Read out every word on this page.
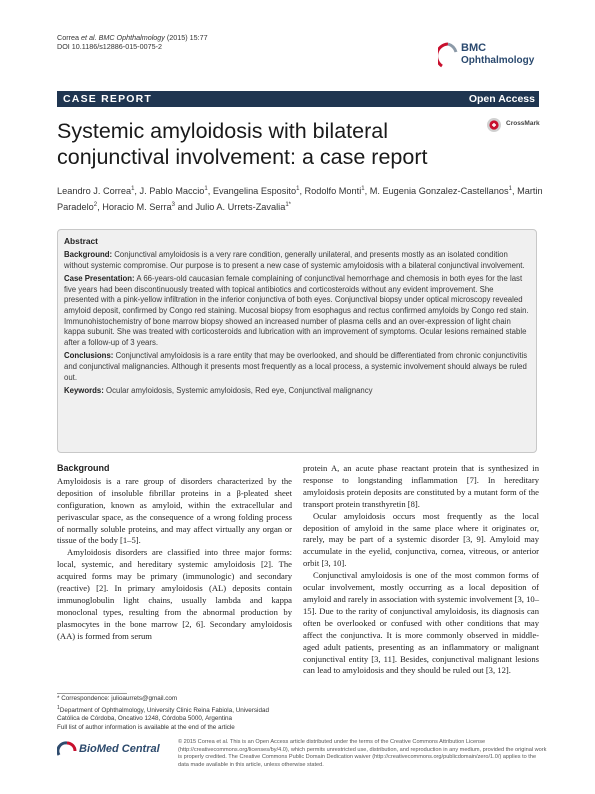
Correa et al. BMC Ophthalmology (2015) 15:77
DOI 10.1186/s12886-015-0075-2	BMC
Ophthalmology
CASE REPORT	Open Access
Systemic amyloidosis with bilateral conjunctival involvement: a case report
CrossMark
Leandro J. Correa$^1$, J. Pablo Maccio$^1$, Evangelina Esposito$^1$, Rodolfo Monti$^1$, M. Eugenia Gonzalez-Castellanos$^1$, Martin Paradelo$^2$, Horacio M. Serra$^3$ and Julio A. Urrets-Zavalia$^{1*}$
Abstract

Background: Conjunctival amyloidosis is a very rare condition, generally unilateral, and presents mostly as an isolated condition without systemic compromise. Our purpose is to present a new case of systemic amyloidosis with a bilateral conjunctival involvement.

Case Presentation: A 66-years-old caucasian female complaining of conjunctival hemorrhage and chemosis in both eyes for the last five years had been discontinuously treated with topical antibiotics and corticosteroids without any evident improvement. She presented with a pink-yellow infiltration in the inferior conjunctiva of both eyes. Conjunctival biopsy under optical microscopy revealed amyloid deposit, confirmed by Congo red staining. Mucosal biopsy from esophagus and rectus confirmed amyloids by Congo red stain. Immunohistochemistry of bone marrow biopsy showed an increased number of plasma cells and an over-expression of light chain kappa subunit. She was treated with corticosteroids and lubrication with an improvement of symptoms. Ocular lesions remained stable after a follow-up of 3 years.

Conclusions: Conjunctival amyloidosis is a rare entity that may be overlooked, and should be differentiated from chronic conjunctivitis and conjunctival malignancies. Although it presents most frequently as a local process, a systemic involvement should always be ruled out.

Keywords: Ocular amyloidosis, Systemic amyloidosis, Red eye, Conjunctival malignancy

Background

Amyloidosis is a rare group of disorders characterized by the deposition of insoluble fibrillar proteins in a β-pleated sheet configuration, known as amyloid, within the extracellular and perivascular space, as the consequence of a wrong folding process of normally soluble proteins, and may affect virtually any organ or tissue of the body [1–5].

Amyloidosis disorders are classified into three major forms: local, systemic, and hereditary systemic amyloidosis [2]. The acquired forms may be primary (immunologic) and secondary (reactive) [2]. In primary amyloidosis (AL) deposits contain immunoglobulin light chains, usually lambda and kappa monoclonal types, resulting from the abnormal production by plasmocytes in the bone marrow [2, 6]. Secondary amyloidosis (AA) is formed from serum

protein A, an acute phase reactant protein that is synthesized in response to longstanding inflammation [7]. In hereditary amyloidosis protein deposits are constituted by a mutant form of the transport protein transthyretin [8].

Ocular amyloidosis occurs most frequently as the local deposition of amyloid in the same place where it originates or, rarely, may be part of a systemic disorder [3, 9]. Amyloid may accumulate in the eyelid, conjunctiva, cornea, vitreous, or anterior orbit [3, 10].

Conjunctival amyloidosis is one of the most common forms of ocular involvement, mostly occurring as a local deposition of amyloid and rarely in association with systemic involvement [3, 10–15]. Due to the rarity of conjunctival amyloidosis, its diagnosis can often be overlooked or confused with other conditions that may affect the conjunctiva. It is more commonly observed in middle-aged adult patients, presenting as an inflammatory or malignant conjunctival entity [3, 11]. Besides, conjunctival malignant lesions can lead to amyloidosis and they should be ruled out [3, 12].

* Correspondence: julioaurrets@gmail.com
$^1$Department of Ophthalmology, University Clinic Reina Fabiola, Universidad Católica de Córdoba, Oncativo 1248, Córdoba 5000, Argentina
Full list of author information is available at the end of the article
BioMed Central
© 2015 Correa et al. This is an Open Access article distributed under the terms of the Creative Commons Attribution License (http://creativecommons.org/licenses/by/4.0), which permits unrestricted use, distribution, and reproduction in any medium, provided the original work is properly credited. The Creative Commons Public Domain Dedication waiver (http://creativecommons.org/publicdomain/zero/1.0/) applies to the data made available in this article, unless otherwise stated.
